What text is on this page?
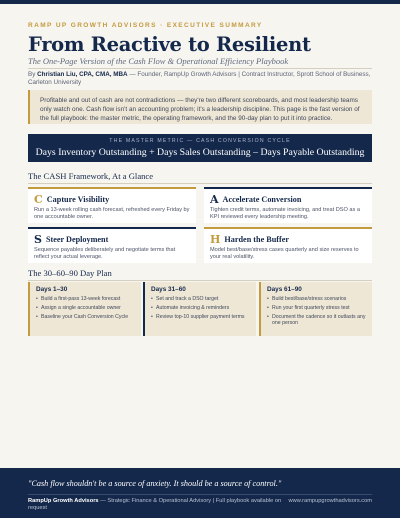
RAMP UP GROWTH ADVISORS · EXECUTIVE SUMMARY
From Reactive to Resilient
The One-Page Version of the Cash Flow & Operational Efficiency Playbook
By Christian Liu, CPA, CMA, MBA — Founder, RampUp Growth Advisors | Contract Instructor, Sprott School of Business, Carleton University
Profitable and out of cash are not contradictions — they're two different scoreboards, and most leadership teams only watch one. Cash flow isn't an accounting problem; it's a leadership discipline. This page is the fast version of the full playbook: the master metric, the operating framework, and the 90-day plan to put it into practice.
THE MASTER METRIC — CASH CONVERSION CYCLE
Days Inventory Outstanding + Days Sales Outstanding – Days Payable Outstanding
The CASH Framework, At a Glance
C Capture Visibility
Run a 13-week rolling cash forecast, refreshed every Friday by one accountable owner.
A Accelerate Conversion
Tighten credit terms, automate invoicing, and treat DSO as a KPI reviewed every leadership meeting.
S Steer Deployment
Sequence payables deliberately and negotiate terms that reflect your actual leverage.
H Harden the Buffer
Model best/base/stress cases quarterly and size reserves to your real volatility.
The 30–60–90 Day Plan
Days 1–30
• Build a first-pass 13-week forecast
• Assign a single accountable owner
• Baseline your Cash Conversion Cycle
Days 31–60
• Set and track a DSO target
• Automate invoicing & reminders
• Review top-10 supplier payment terms
Days 61–90
• Build best/base/stress scenarios
• Run your first quarterly stress test
• Document the cadence so it outlasts any one person
"Cash flow shouldn't be a source of anxiety. It should be a source of control."
RampUp Growth Advisors — Strategic Finance & Operational Advisory | Full playbook available on request
www.rampupgrowthadvisors.com
